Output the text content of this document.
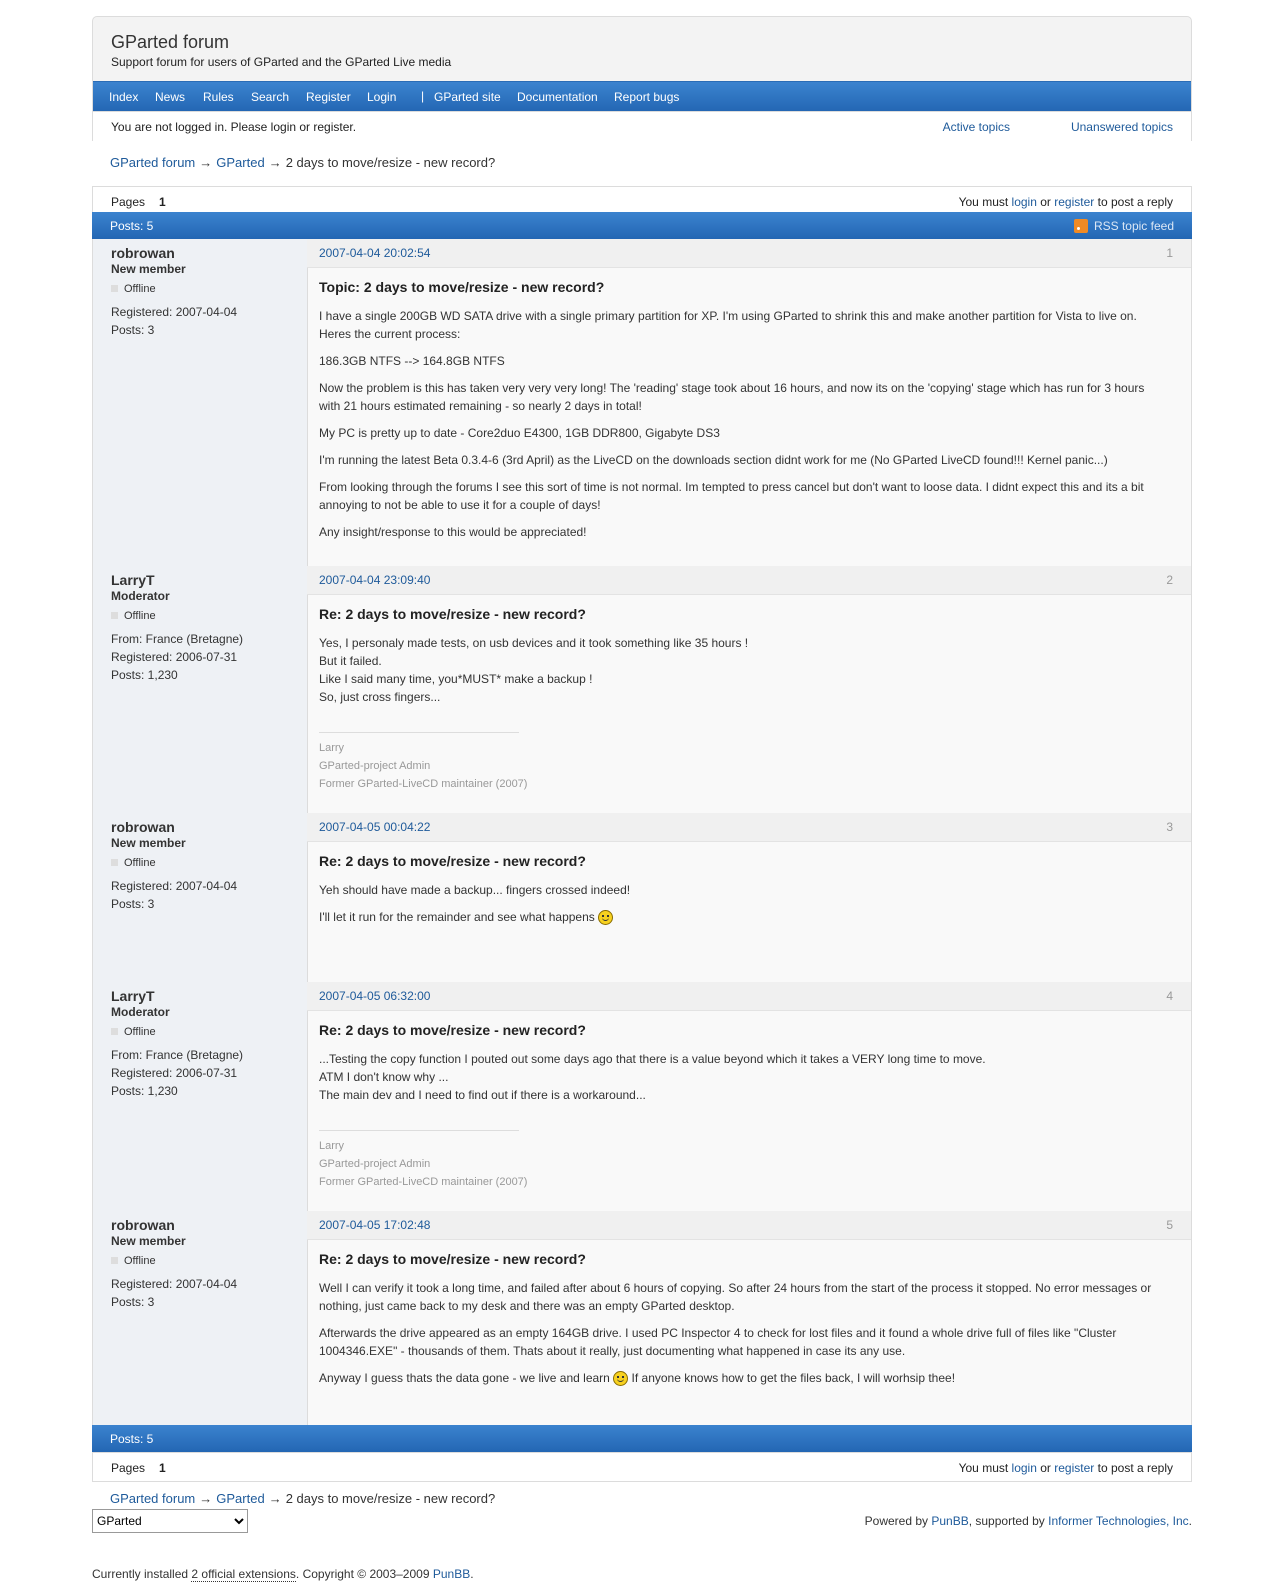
GParted forum
Support forum for users of GParted and the GParted Live media
Index News Rules Search Register Login | GParted site Documentation Report bugs
You are not logged in. Please login or register.	Active topics	Unanswered topics
GParted forum → GParted → 2 days to move/resize - new record?
Pages 1	You must login or register to post a reply
Posts: 5	RSS topic feed
robrowan
New member
Offline
Registered: 2007-04-04
Posts: 3
2007-04-04 20:02:54	1
Topic: 2 days to move/resize - new record?

I have a single 200GB WD SATA drive with a single primary partition for XP. I'm using GParted to shrink this and make another partition for Vista to live on. Heres the current process:

186.3GB NTFS --> 164.8GB NTFS

Now the problem is this has taken very very very long! The 'reading' stage took about 16 hours, and now its on the 'copying' stage which has run for 3 hours with 21 hours estimated remaining - so nearly 2 days in total!

My PC is pretty up to date - Core2duo E4300, 1GB DDR800, Gigabyte DS3

I'm running the latest Beta 0.3.4-6 (3rd April) as the LiveCD on the downloads section didnt work for me (No GParted LiveCD found!!! Kernel panic...)

From looking through the forums I see this sort of time is not normal. Im tempted to press cancel but don't want to loose data. I didnt expect this and its a bit annoying to not be able to use it for a couple of days!

Any insight/response to this would be appreciated!

LarryT
Moderator
Offline
From: France (Bretagne)
Registered: 2006-07-31
Posts: 1,230
2007-04-04 23:09:40	2
Re: 2 days to move/resize - new record?
Yes, I personaly made tests, on usb devices and it took something like 35 hours !
But it failed.
Like I said many time, you*MUST* make a backup !
So, just cross fingers...
Larry
GParted-project Admin
Former GParted-LiveCD maintainer (2007)
robrowan
New member
Offline
Registered: 2007-04-04
Posts: 3
2007-04-05 00:04:22	3
Re: 2 days to move/resize - new record?

Yeh should have made a backup... fingers crossed indeed!

I'll let it run for the remainder and see what happens

LarryT
Moderator
Offline
From: France (Bretagne)
Registered: 2006-07-31
Posts: 1,230
2007-04-05 06:32:00	4
Re: 2 days to move/resize - new record?
...Testing the copy function I pouted out some days ago that there is a value beyond which it takes a VERY long time to move.
ATM I don't know why ...
The main dev and I need to find out if there is a workaround...
Larry
GParted-project Admin
Former GParted-LiveCD maintainer (2007)
robrowan
New member
Offline
Registered: 2007-04-04
Posts: 3
2007-04-05 17:02:48	5
Re: 2 days to move/resize - new record?

Well I can verify it took a long time, and failed after about 6 hours of copying. So after 24 hours from the start of the process it stopped. No error messages or nothing, just came back to my desk and there was an empty GParted desktop.

Afterwards the drive appeared as an empty 164GB drive. I used PC Inspector 4 to check for lost files and it found a whole drive full of files like "Cluster 1004346.EXE" - thousands of them. Thats about it really, just documenting what happened in case its any use.

Anyway I guess thats the data gone - we live and learn  If anyone knows how to get the files back, I will worhsip thee!

Posts: 5
Pages 1	You must login or register to post a reply
GParted forum → GParted → 2 days to move/resize - new record?
GParted
Powered by PunBB, supported by Informer Technologies, Inc.
Currently installed 2 official extensions. Copyright © 2003–2009 PunBB.
